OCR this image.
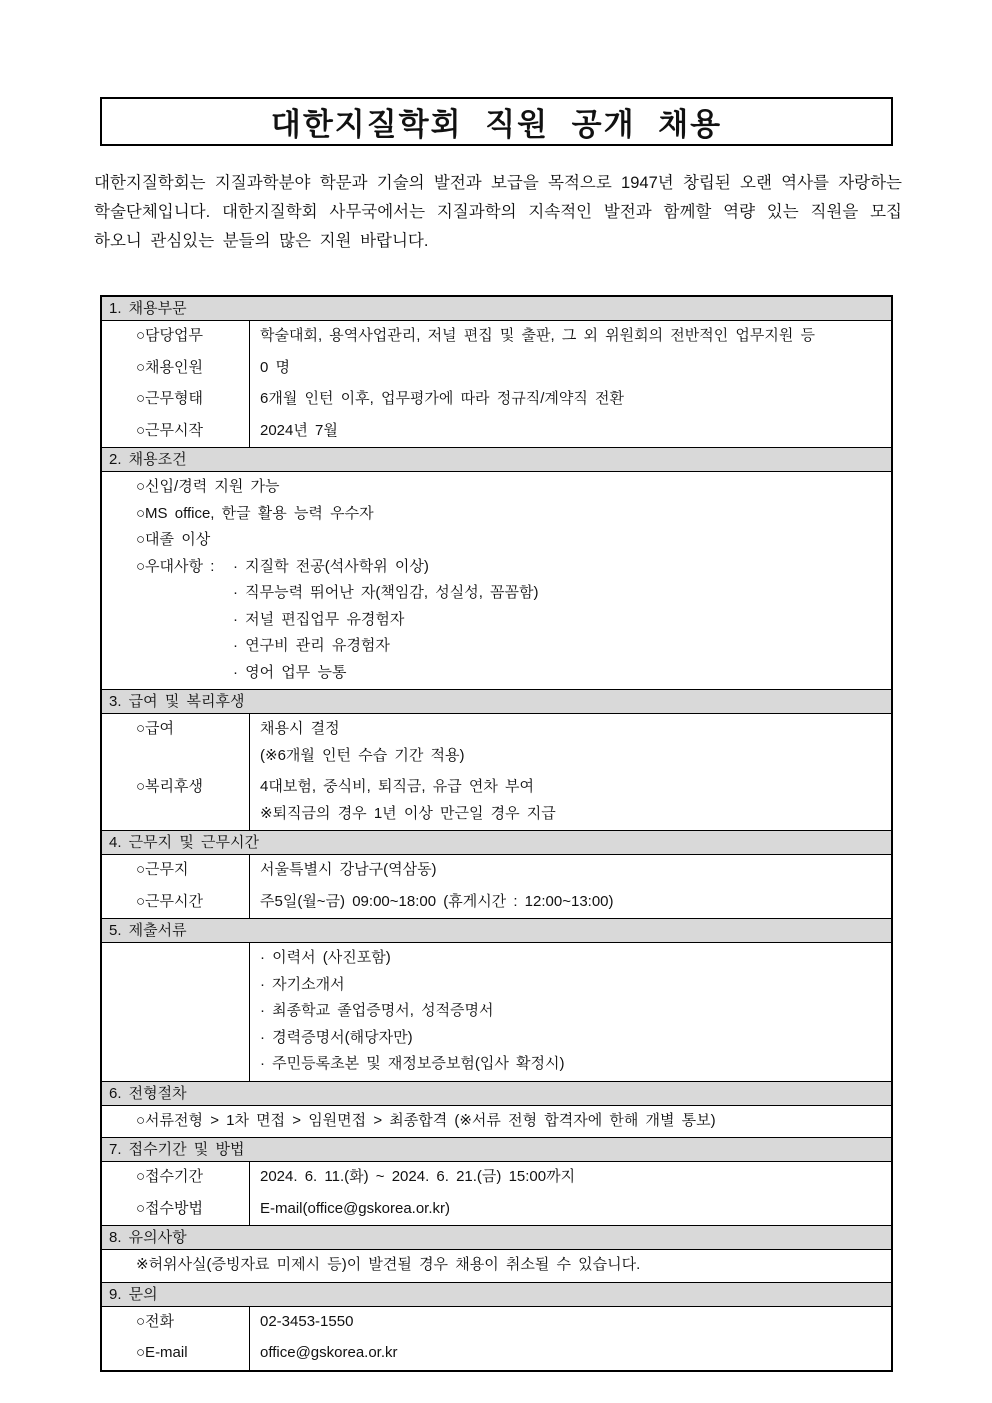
대한지질학회 직원 공개 채용
대한지질학회는 지질과학분야 학문과 기술의 발전과 보급을 목적으로 1947년 창립된 오랜 역사를 자랑하는
학술단체입니다. 대한지질학회 사무국에서는 지질과학의 지속적인 발전과 함께할 역량 있는 직원을 모집
하오니 관심있는 분들의 많은 지원 바랍니다.
1. 채용부문
○담당업무	학술대회, 용역사업관리, 저널 편집 및 출판, 그 외 위원회의 전반적인 업무지원 등
○채용인원	0 명
○근무형태	6개월 인턴 이후, 업무평가에 따라 정규직/계약직 전환
○근무시작	2024년 7월
2. 채용조건
○신입/경력 지원 가능
○MS office, 한글 활용 능력 우수자
○대졸 이상
○우대사항 :	· 지질학 전공(석사학위 이상)
· 직무능력 뛰어난 자(책임감, 성실성, 꼼꼼함)
· 저널 편집업무 유경험자
· 연구비 관리 유경험자
· 영어 업무 능통
3. 급여 및 복리후생
○급여	채용시 결정
(※6개월 인턴 수습 기간 적용)
○복리후생	4대보험, 중식비, 퇴직금, 유급 연차 부여
※퇴직금의 경우 1년 이상 만근일 경우 지급
4. 근무지 및 근무시간
○근무지	서울특별시 강남구(역삼동)
○근무시간	주5일(월~금) 09:00~18:00 (휴게시간 : 12:00~13:00)
5. 제출서류
· 이력서 (사진포함)
· 자기소개서
· 최종학교 졸업증명서, 성적증명서
· 경력증명서(해당자만)
· 주민등록초본 및 재정보증보험(입사 확정시)
6. 전형절차
○서류전형 > 1차 면접 > 임원면접 > 최종합격 (※서류 전형 합격자에 한해 개별 통보)
7. 접수기간 및 방법
○접수기간	2024. 6. 11.(화) ~ 2024. 6. 21.(금) 15:00까지
○접수방법	E-mail(office@gskorea.or.kr)
8. 유의사항
※허위사실(증빙자료 미제시 등)이 발견될 경우 채용이 취소될 수 있습니다.
9. 문의
○전화	02-3453-1550
○E-mail	office@gskorea.or.kr
